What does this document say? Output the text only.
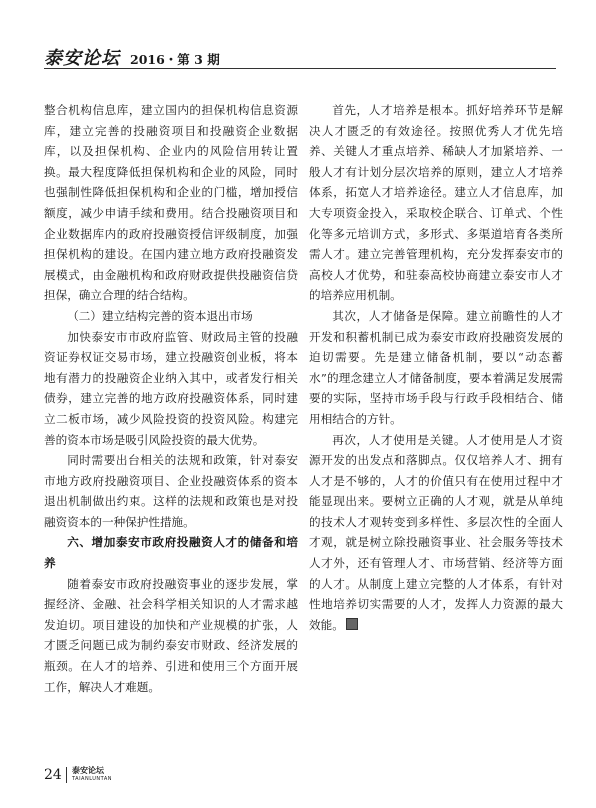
泰安论坛 2016・第 3 期

整合机构信息库，建立国内的担保机构信息资源库，建立完善的投融资项目和投融资企业数据库，以及担保机构、企业内的风险信用转让置换。最大程度降低担保机构和企业的风险，同时也强制性降低担保机构和企业的门槛，增加授信额度，减少申请手续和费用。结合投融资项目和企业数据库内的政府投融资授信评级制度，加强担保机构的建设。在国内建立地方政府投融资发展模式，由金融机构和政府财政提供投融资信贷担保，确立合理的结合结构。

（二）建立结构完善的资本退出市场

加快泰安市市政府监管、财政局主管的投融资证券权证交易市场，建立投融资创业板，将本地有潜力的投融资企业纳入其中，或者发行相关债券，建立完善的地方政府投融资体系，同时建立二板市场，减少风险投资的投资风险。构建完善的资本市场是吸引风险投资的最大优势。

同时需要出台相关的法规和政策，针对泰安市地方政府投融资项目、企业投融资体系的资本退出机制做出约束。这样的法规和政策也是对投融资资本的一种保护性措施。

六、增加泰安市政府投融资人才的储备和培养

随着泰安市政府投融资事业的逐步发展，掌握经济、金融、社会科学相关知识的人才需求越发迫切。项目建设的加快和产业规模的扩张，人才匮乏问题已成为制约泰安市财政、经济发展的瓶颈。在人才的培养、引进和使用三个方面开展工作，解决人才难题。

首先，人才培养是根本。抓好培养环节是解决人才匮乏的有效途径。按照优秀人才优先培养、关键人才重点培养、稀缺人才加紧培养、一般人才有计划分层次培养的原则，建立人才培养体系，拓宽人才培养途径。建立人才信息库，加大专项资金投入，采取校企联合、订单式、个性化等多元培训方式，多形式、多渠道培育各类所需人才。建立完善管理机构，充分发挥泰安市的高校人才优势，和驻泰高校协商建立泰安市人才的培养应用机制。

其次，人才储备是保障。建立前瞻性的人才开发和积蓄机制已成为泰安市政府投融资发展的迫切需要。先是建立储备机制，要以“动态蓄水”的理念建立人才储备制度，要本着满足发展需要的实际，坚持市场手段与行政手段相结合、储用相结合的方针。

再次，人才使用是关键。人才使用是人才资源开发的出发点和落脚点。仅仅培养人才、拥有人才是不够的，人才的价值只有在使用过程中才能显现出来。要树立正确的人才观，就是从单纯的技术人才观转变到多样性、多层次性的全面人才观，就是树立除投融资事业、社会服务等技术人才外，还有管理人才、市场营销、经济等方面的人才。从制度上建立完整的人才体系，有针对性地培养切实需要的人才，发挥人力资源的最大效能。

24 泰安论坛
TAIANLUNTAN
